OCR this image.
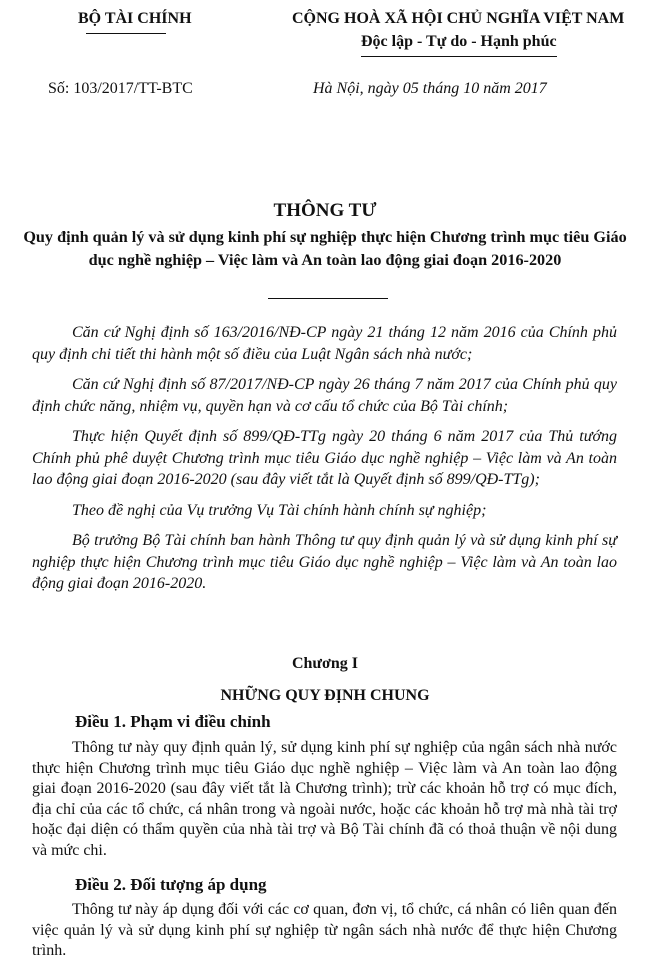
BỘ TÀI CHÍNH	CỘNG HOÀ XÃ HỘI CHỦ NGHĨA VIỆT NAM
Độc lập - Tự do - Hạnh phúc
Số: 103/2017/TT-BTC	Hà Nội, ngày 05 tháng 10 năm 2017
THÔNG TƯ
Quy định quản lý và sử dụng kinh phí sự nghiệp thực hiện Chương trình mục tiêu Giáo dục nghề nghiệp – Việc làm và An toàn lao động giai đoạn 2016-2020

Căn cứ Nghị định số 163/2016/NĐ-CP ngày 21 tháng 12 năm 2016 của Chính phủ quy định chi tiết thi hành một số điều của Luật Ngân sách nhà nước;

Căn cứ Nghị định số 87/2017/NĐ-CP ngày 26 tháng 7 năm 2017 của Chính phủ quy định chức năng, nhiệm vụ, quyền hạn và cơ cấu tổ chức của Bộ Tài chính;

Thực hiện Quyết định số 899/QĐ-TTg ngày 20 tháng 6 năm 2017 của Thủ tướng Chính phủ phê duyệt Chương trình mục tiêu Giáo dục nghề nghiệp – Việc làm và An toàn lao động giai đoạn 2016-2020 (sau đây viết tắt là Quyết định số 899/QĐ-TTg);

Theo đề nghị của Vụ trưởng Vụ Tài chính hành chính sự nghiệp;

Bộ trưởng Bộ Tài chính ban hành Thông tư quy định quản lý và sử dụng kinh phí sự nghiệp thực hiện Chương trình mục tiêu Giáo dục nghề nghiệp – Việc làm và An toàn lao động giai đoạn 2016-2020.

Chương I
NHỮNG QUY ĐỊNH CHUNG
Điều 1. Phạm vi điều chỉnh

Thông tư này quy định quản lý, sử dụng kinh phí sự nghiệp của ngân sách nhà nước thực hiện Chương trình mục tiêu Giáo dục nghề nghiệp – Việc làm và An toàn lao động giai đoạn 2016-2020 (sau đây viết tắt là Chương trình); trừ các khoản hỗ trợ có mục đích, địa chỉ của các tổ chức, cá nhân trong và ngoài nước, hoặc các khoản hỗ trợ mà nhà tài trợ hoặc đại diện có thẩm quyền của nhà tài trợ và Bộ Tài chính đã có thoả thuận về nội dung và mức chi.

Điều 2. Đối tượng áp dụng

Thông tư này áp dụng đối với các cơ quan, đơn vị, tổ chức, cá nhân có liên quan đến việc quản lý và sử dụng kinh phí sự nghiệp từ ngân sách nhà nước để thực hiện Chương trình.
